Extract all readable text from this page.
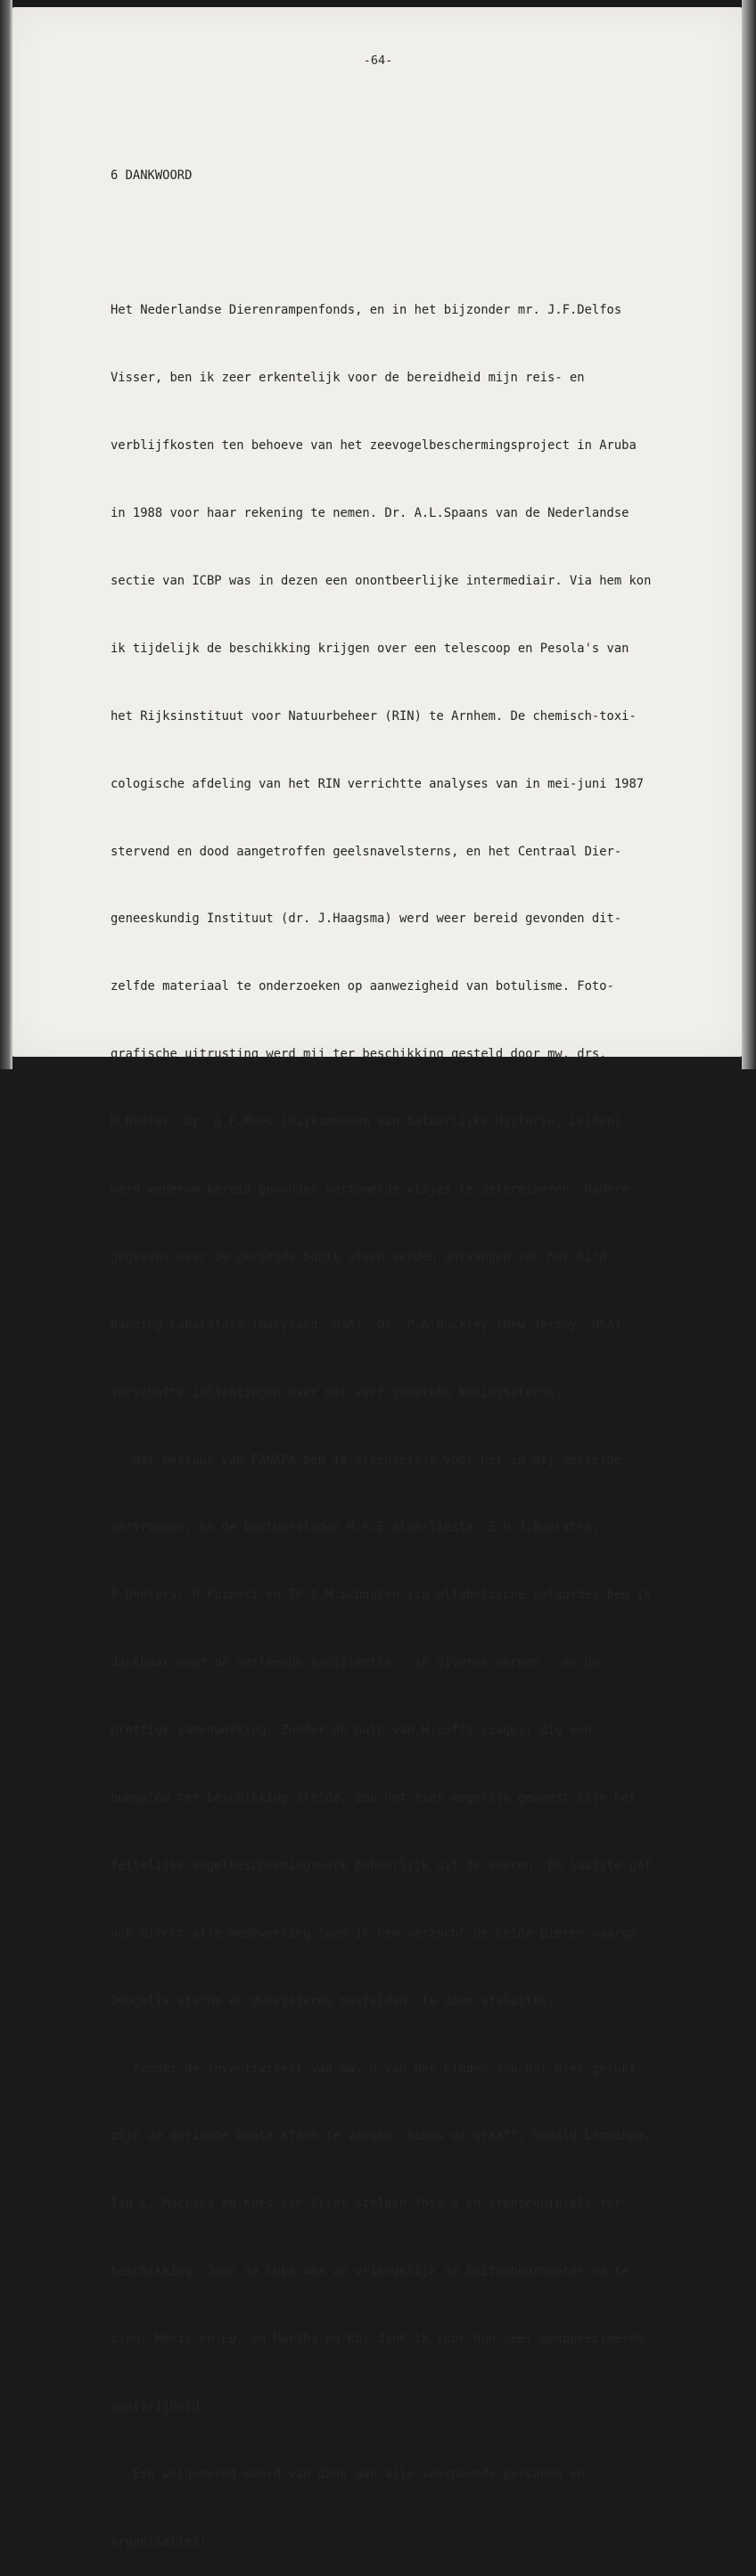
-64-

6 DANKWOORD

Het Nederlandse Dierenrampenfonds, en in het bijzonder mr. J.F.Delfos

Visser, ben ik zeer erkentelijk voor de bereidheid mijn reis- en

verblijfkosten ten behoeve van het zeevogelbeschermingsproject in Aruba

in 1988 voor haar rekening te nemen. Dr. A.L.Spaans van de Nederlandse

sectie van ICBP was in dezen een onontbeerlijke intermediair. Via hem kon

ik tijdelijk de beschikking krijgen over een telescoop en Pesola's van

het Rijksinstituut voor Natuurbeheer (RIN) te Arnhem. De chemisch-toxi-

cologische afdeling van het RIN verrichtte analyses van in mei-juni 1987

stervend en dood aangetroffen geelsnavelsterns, en het Centraal Dier-

geneeskundig Instituut (dr. J.Haagsma) werd weer bereid gevonden dit-

zelfde materiaal te onderzoeken op aanwezigheid van botulisme. Foto-

grafische uitrusting werd mij ter beschikking gesteld door mw. drs.

M.Nooter. Dr. G.F.Mees (Rijksmuseum van Natuurlijke Historie, Leiden)

werd wederom bereid gevonden verzamelde visjes te determineren. Nadere

gegevens over de geringde bonte stern werden ontvangen van het Bird

Banding Laboratory (Maryland, USA). Dr. P.A.Buckley (New Jersey, USA)

verschafte inlichtingen over met verf gemerkte koningssterns.

Het bestuur van FANAPA ben ik erkentelijk voor het in mij gestelde

vertrouwen, en de bestuursleden M.R.E.Alderlieste, E.H.J.Boerstra,

P.Denters, H.Kuiperi en Th.C.M.Schouten (in alfabetische volgorde) ben ik

dankbaar voor de verleende assistentie - in diverse vormen - en de

prettige samenwerking. Zonder de hulp van H.Coffi (Lago), die een

bungalow ter beschikking stelde, zou het niet mogelijk geweest zijn het

feitelijke vogelbeschermingswerk behoorlijk uit te voeren. De laatste gaf

ook direct alle medewerking toen ik hem verzocht de beide pieren waarop

Dougalls sterns en dwergsterns nestelden, te doen afsluiten.

Zonder de inventiviteit van mw. O.van der Linden zou het niet gelukt

zijn de geringde bonte stern te vangen. Rinus de Graaff, Ronald Lemminga,

Ian C. MacLeod en Kees van Vliet stelden foto's en kranteknipsels ter

beschikking. Juan de Cuba was zo vriendelijk de buitenboordmotor na te

zien. Mavis en Ep, en Martha en Roy dank ik voor hun zeer geapprecieerde

gastvrijheid.

Een welgemeend woord van dank aan alle voornoemde personen en

organisaties!
